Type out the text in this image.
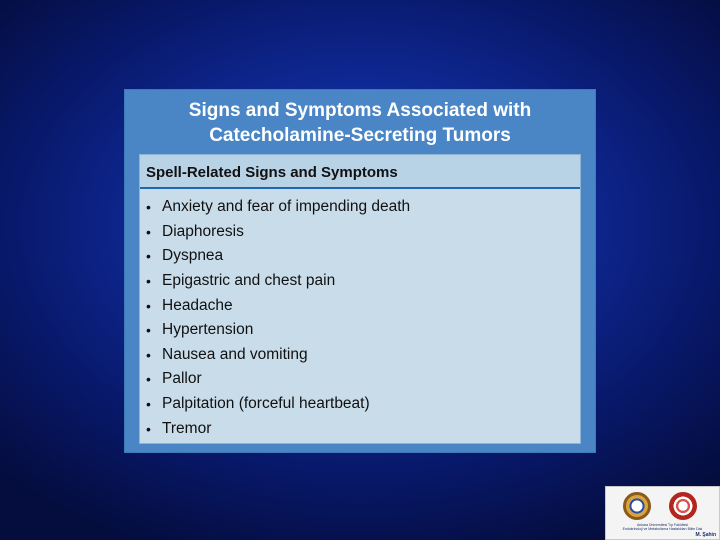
Signs and Symptoms Associated with
Catecholamine-Secreting Tumors
Spell-Related Signs and Symptoms
• Anxiety and fear of impending death
• Diaphoresis
• Dyspnea
• Epigastric and chest pain
• Headache
• Hypertension
• Nausea and vomiting
• Pallor
• Palpitation (forceful heartbeat)
• Tremor
Ankara Üniversitesi Tıp Fakültesi
Endokrinoloji ve Metabolizma Hastalıkları Bilim Dalı
M. Şahin
